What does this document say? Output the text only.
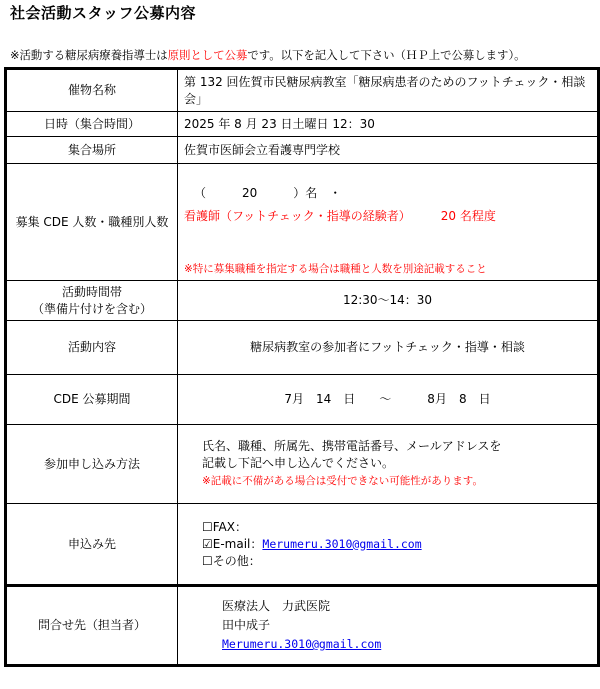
社会活動スタッフ公募内容
※活動する糖尿病療養指導士は原則として公募です。以下を記入して下さい（ＨＰ上で公募します）。
催物名称	第 132 回佐賀市民糖尿病教室「糖尿病患者のためのフットチェック・相談会」
日時（集合時間）	2025 年 8 月 23 日土曜日 12：30
集合場所	佐賀市医師会立看護専門学校
募集 CDE 人数・職種別人数	（　　　20　　　）名　・
看護師（フットチェック・指導の経験者）　　　20 名程度
※特に募集職種を指定する場合は職種と人数を別途記載すること

活動時間帯
（準備片付けを含む）	12:30〜14：30
活動内容	糖尿病教室の参加者にフットチェック・指導・相談
CDE 公募期間	7月　14　日　　〜　　　8月　8　日
参加申し込み方法	氏名、職種、所属先、携帯電話番号、メールアドレスを
記載し下記へ申し込んでください。
※記載に不備がある場合は受付できない可能性があります。

申込み先	☐FAX：
☑E-mail：Merumeru.3010@gmail.com
☐その他：

問合せ先（担当者）	医療法人　力武医院
田中成子
Merumeru.3010@gmail.com
